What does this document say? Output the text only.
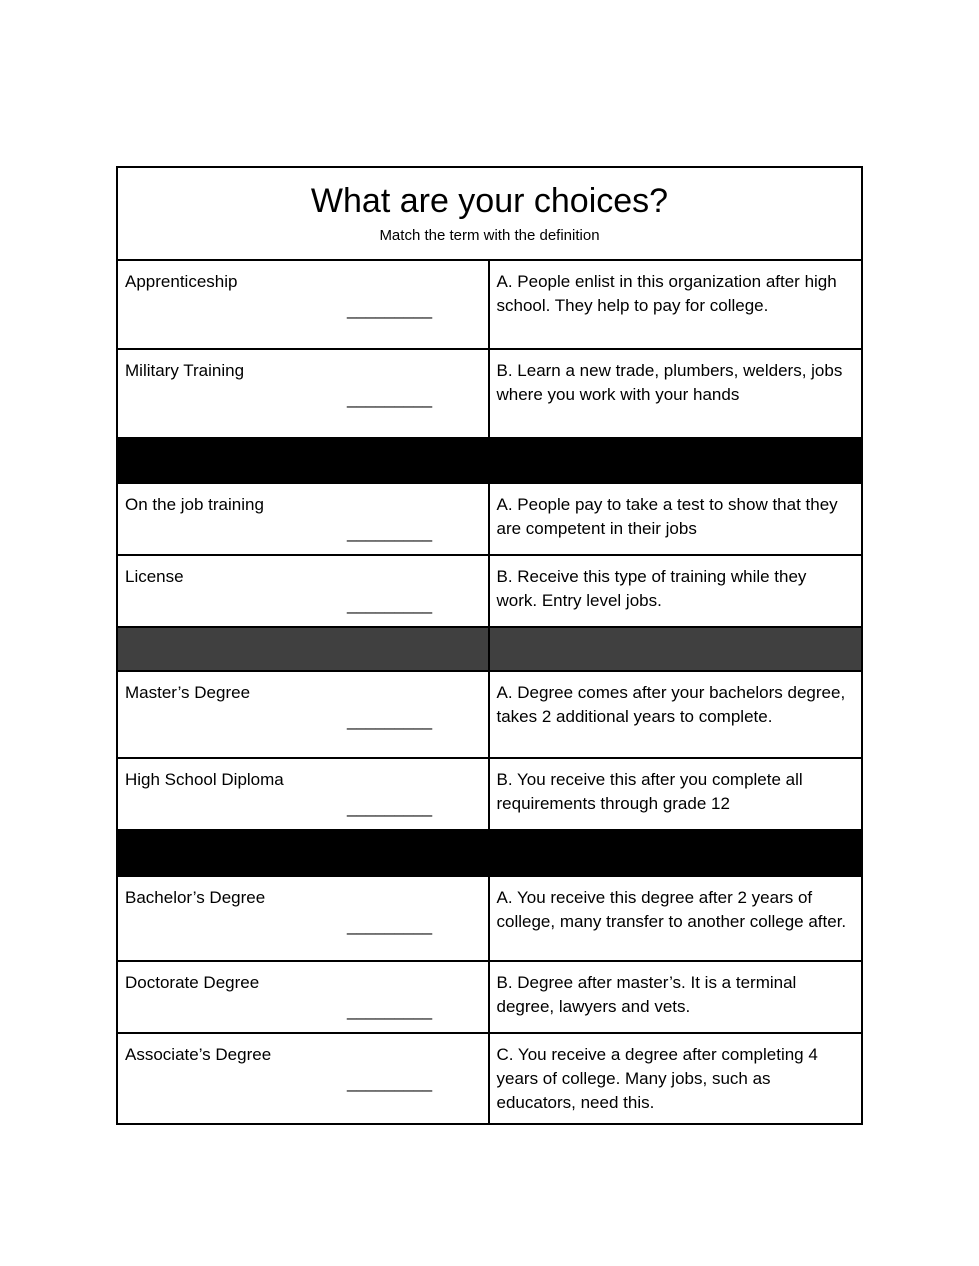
What are your choices?
Match the term with the definition
Apprenticeship
_________
A. People enlist in this organization after high school. They help to pay for college.
Military Training
_________
B. Learn a new trade, plumbers, welders, jobs where you work with your hands
On the job training
_________
A. People pay to take a test to show that they are competent in their jobs
License
_________
B. Receive this type of training while they work. Entry level jobs.
Master’s Degree
_________
A. Degree comes after your bachelors degree, takes 2 additional years to complete.
High School Diploma
_________
B. You receive this after you complete all requirements through grade 12
Bachelor’s Degree
_________
A. You receive this degree after 2 years of college, many transfer to another college after.
Doctorate Degree
_________
B. Degree after master’s. It is a terminal degree, lawyers and vets.
Associate’s Degree
_________
C. You receive a degree after completing 4 years of college. Many jobs, such as educators, need this.
